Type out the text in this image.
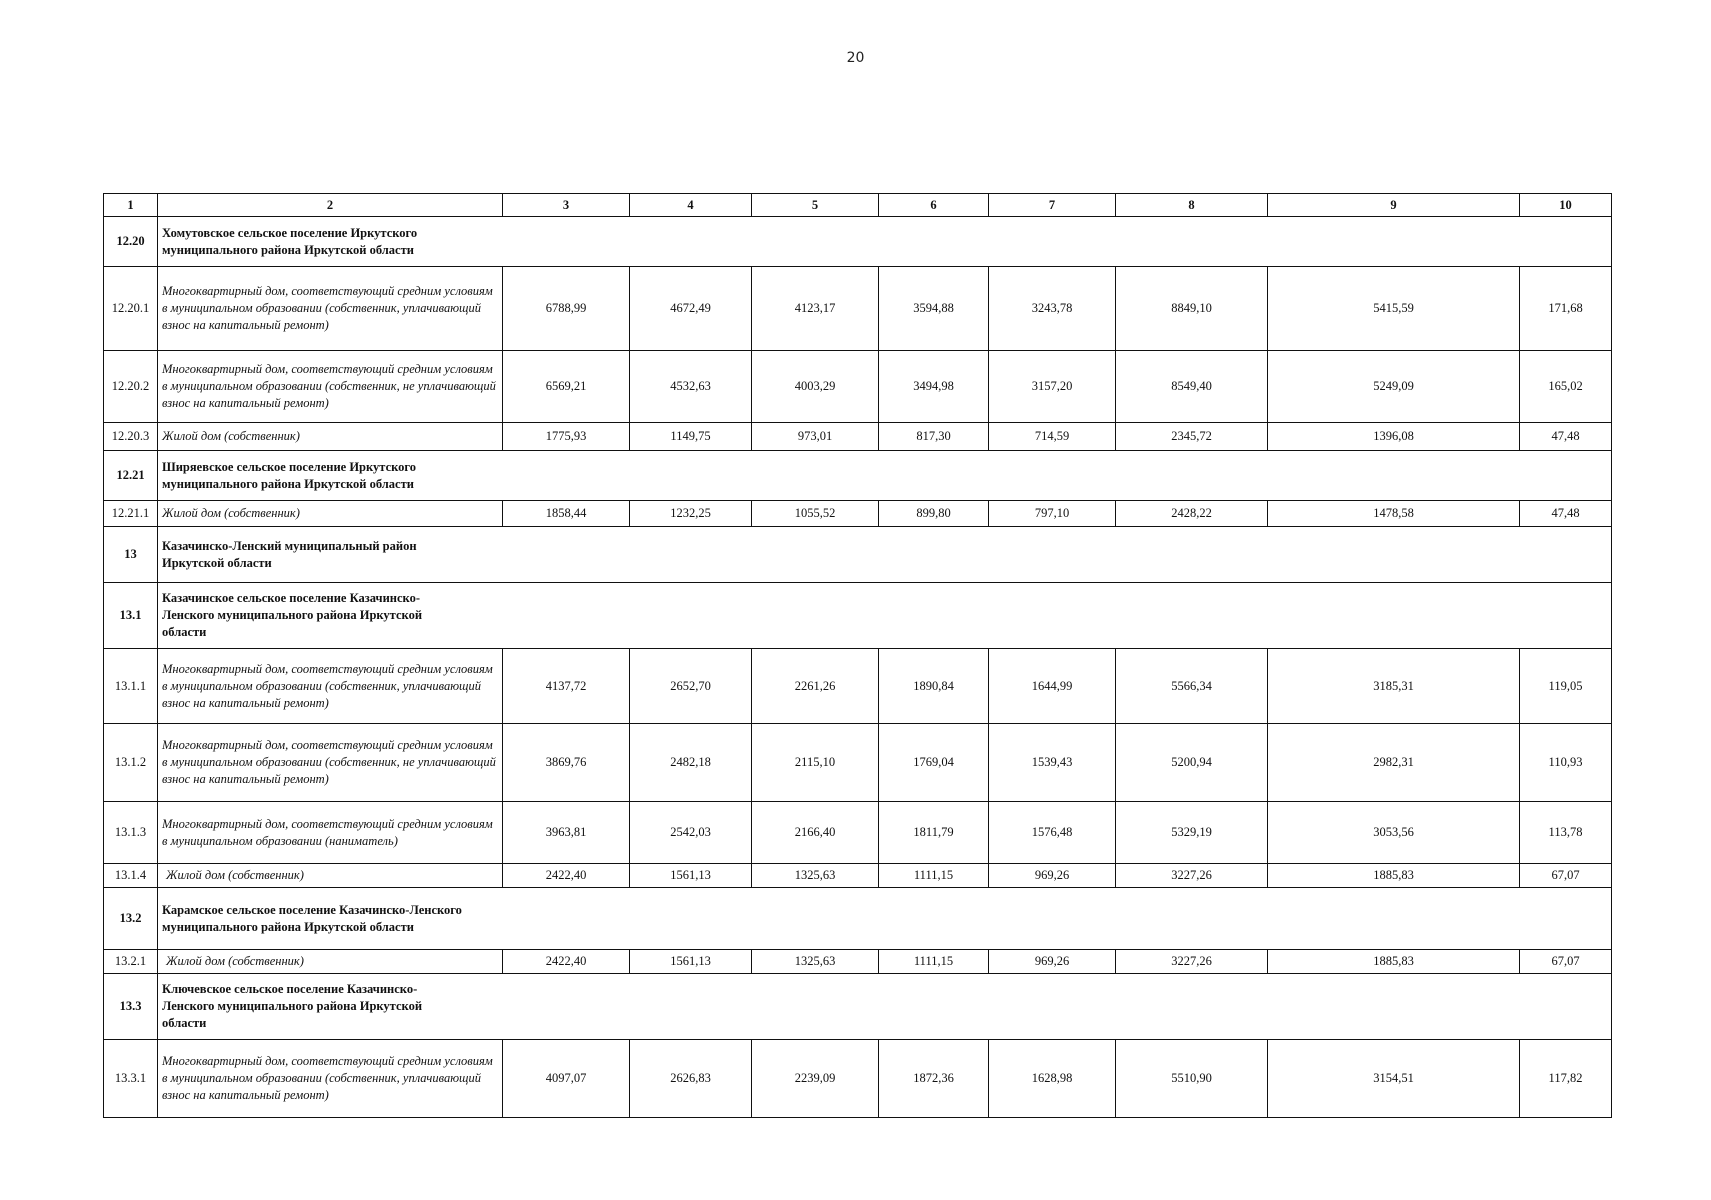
20
1	2	3	4	5	6	7	8	9	10
12.20	Хомутовское сельское поселение Иркутского муниципального района Иркутской области								

12.20.1	Многоквартирный дом, соответствующий средним условиям в муниципальном образовании (собственник, уплачивающий взнос на капитальный ремонт)	6788,99	4672,49	4123,17	3594,88	3243,78	8849,10	5415,59	171,68
12.20.2	Многоквартирный дом, соответствующий средним условиям в муниципальном образовании (собственник, не уплачивающий взнос на капитальный ремонт)	6569,21	4532,63	4003,29	3494,98	3157,20	8549,40	5249,09	165,02
12.20.3	Жилой дом (собственник)	1775,93	1149,75	973,01	817,30	714,59	2345,72	1396,08	47,48
12.21	Ширяевское сельское поселение Иркутского муниципального района Иркутской области								

12.21.1	Жилой дом (собственник)	1858,44	1232,25	1055,52	899,80	797,10	2428,22	1478,58	47,48
13	Казачинско-Ленский муниципальный район Иркутской области								

13.1	Казачинское сельское поселение Казачинско-Ленского муниципального района Иркутской области								

13.1.1	Многоквартирный дом, соответствующий средним условиям в муниципальном образовании (собственник, уплачивающий взнос на капитальный ремонт)	4137,72	2652,70	2261,26	1890,84	1644,99	5566,34	3185,31	119,05
13.1.2	Многоквартирный дом, соответствующий средним условиям в муниципальном образовании (собственник, не уплачивающий взнос на капитальный ремонт)	3869,76	2482,18	2115,10	1769,04	1539,43	5200,94	2982,31	110,93
13.1.3	Многоквартирный дом, соответствующий средним условиям в муниципальном образовании (наниматель)	3963,81	2542,03	2166,40	1811,79	1576,48	5329,19	3053,56	113,78
13.1.4	Жилой дом (собственник)	2422,40	1561,13	1325,63	1111,15	969,26	3227,26	1885,83	67,07
13.2	Карамское сельское поселение Казачинско-Ленского муниципального района Иркутской области								

13.2.1	Жилой дом (собственник)	2422,40	1561,13	1325,63	1111,15	969,26	3227,26	1885,83	67,07
13.3	Ключевское сельское поселение Казачинско-Ленского муниципального района Иркутской области								

13.3.1	Многоквартирный дом, соответствующий средним условиям в муниципальном образовании (собственник, уплачивающий взнос на капитальный ремонт)	4097,07	2626,83	2239,09	1872,36	1628,98	5510,90	3154,51	117,82
